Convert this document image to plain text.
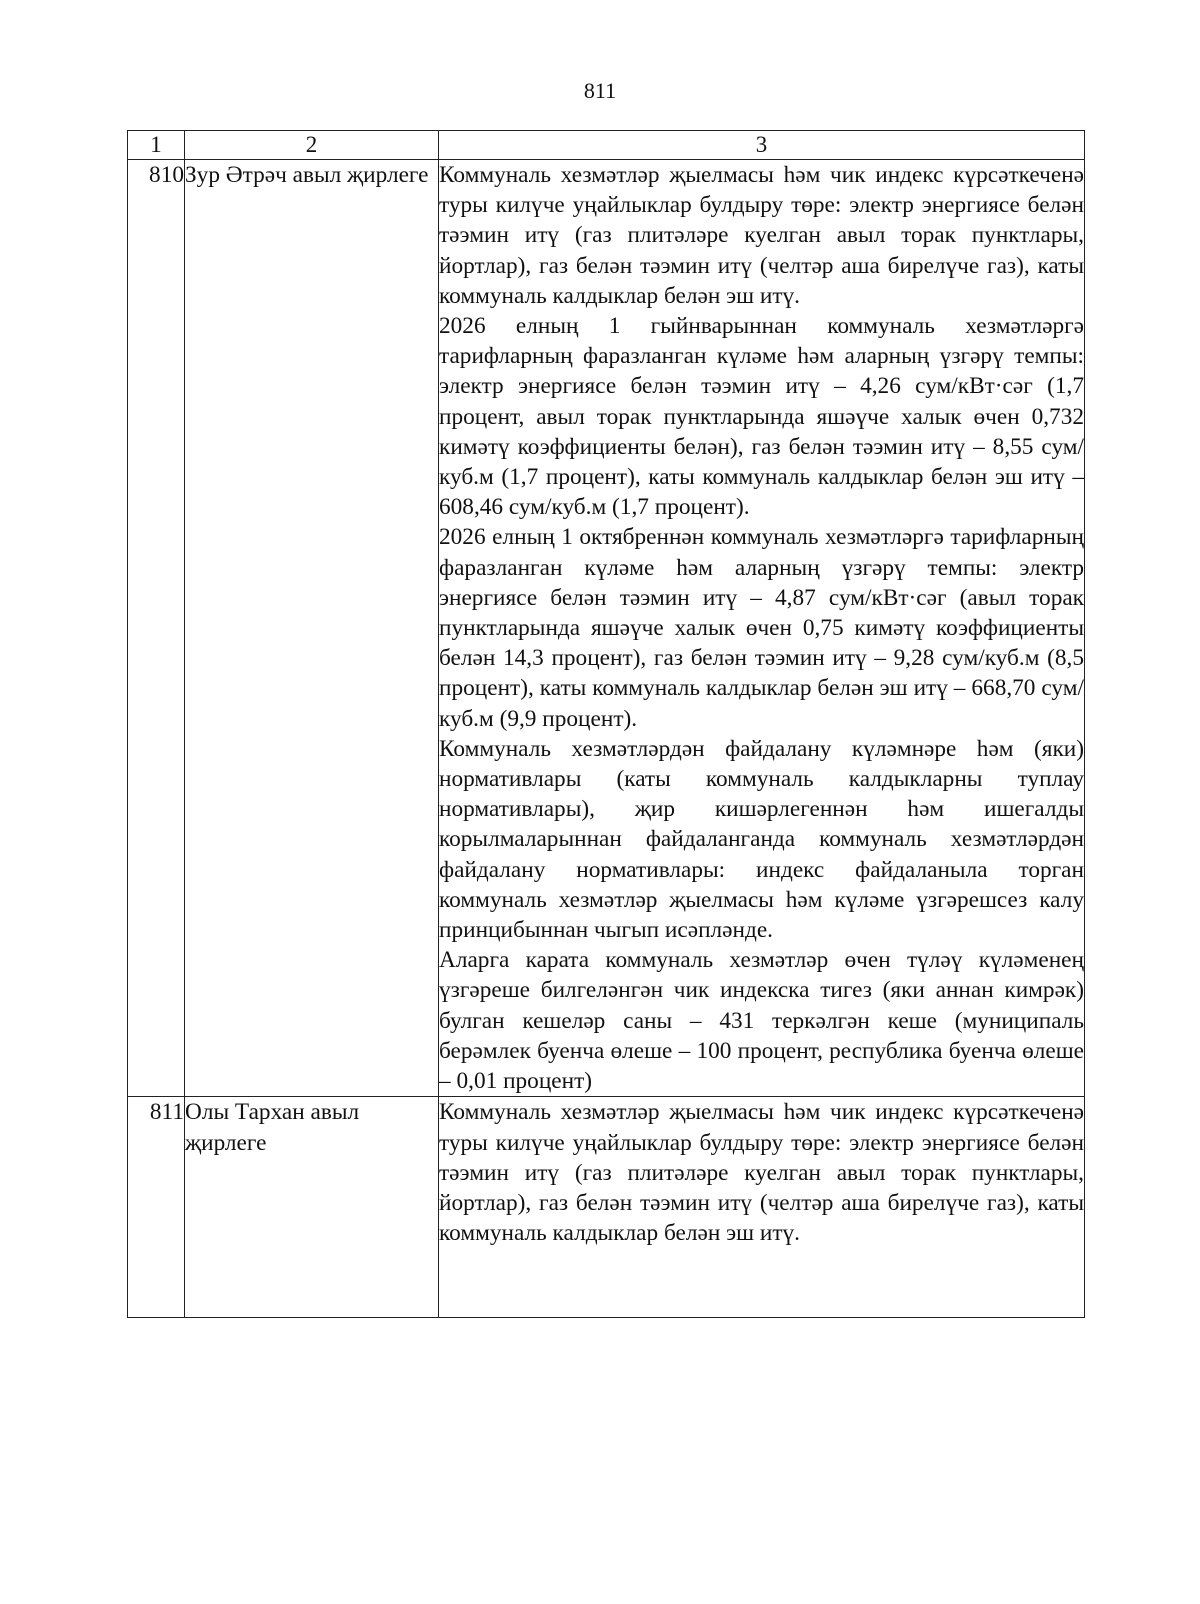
811
1	2	3
810	Зур Әтрәч авыл җирлеге	Коммуналь хезмәтләр җыелмасы һәм чик индекс күрсәткеченә туры килүче уңайлыклар булдыру төре: электр энергиясе белән тәэмин итү (газ плитәләре куелган авыл торак пунктлары, йортлар), газ белән тәэмин итү (челтәр аша бирелүче газ), каты коммуналь калдыклар белән эш итү.

2026 елның 1 гыйнварыннан коммуналь хезмәтләргә тарифларның фаразланган күләме һәм аларның үзгәрү темпы: электр энергиясе белән тәэмин итү – 4,26 сум/кВт·сәг (1,7 процент, авыл торак пунктларында яшәүче халык өчен 0,732 кимәтү коэффициенты белән), газ белән тәэмин итү – 8,55 сум/куб.м (1,7 процент), каты коммуналь калдыклар белән эш итү – 608,46 сум/куб.м (1,7 процент).

2026 елның 1 октябреннән коммуналь хезмәтләргә тарифларның фаразланган күләме һәм аларның үзгәрү темпы: электр энергиясе белән тәэмин итү – 4,87 сум/кВт·сәг (авыл торак пунктларында яшәүче халык өчен 0,75 кимәтү коэффициенты белән 14,3 процент), газ белән тәэмин итү – 9,28 сум/куб.м (8,5 процент), каты коммуналь калдыклар белән эш итү – 668,70 сум/куб.м (9,9 процент).

Коммуналь хезмәтләрдән файдалану күләмнәре һәм (яки) нормативлары (каты коммуналь калдыкларны туплау нормативлары), җир кишәрлегеннән һәм ишегалды корылмаларыннан файдаланганда коммуналь хезмәтләрдән файдалану нормативлары: индекс файдаланыла торган коммуналь хезмәтләр җыелмасы һәм күләме үзгәрешсез калу принцибыннан чыгып исәпләнде.

Аларга карата коммуналь хезмәтләр өчен түләү күләменең үзгәреше билгеләнгән чик индекска тигез (яки аннан кимрәк) булган кешеләр саны – 431 теркәлгән кеше (муниципаль берәмлек буенча өлеше – 100 процент, республика буенча өлеше – 0,01 процент)

811	Олы Тархан авыл җирлеге	Коммуналь хезмәтләр җыелмасы һәм чик индекс күрсәткеченә туры килүче уңайлыклар булдыру төре: электр энергиясе белән тәэмин итү (газ плитәләре куелган авыл торак пунктлары, йортлар), газ белән тәэмин итү (челтәр аша бирелүче газ), каты коммуналь калдыклар белән эш итү.
